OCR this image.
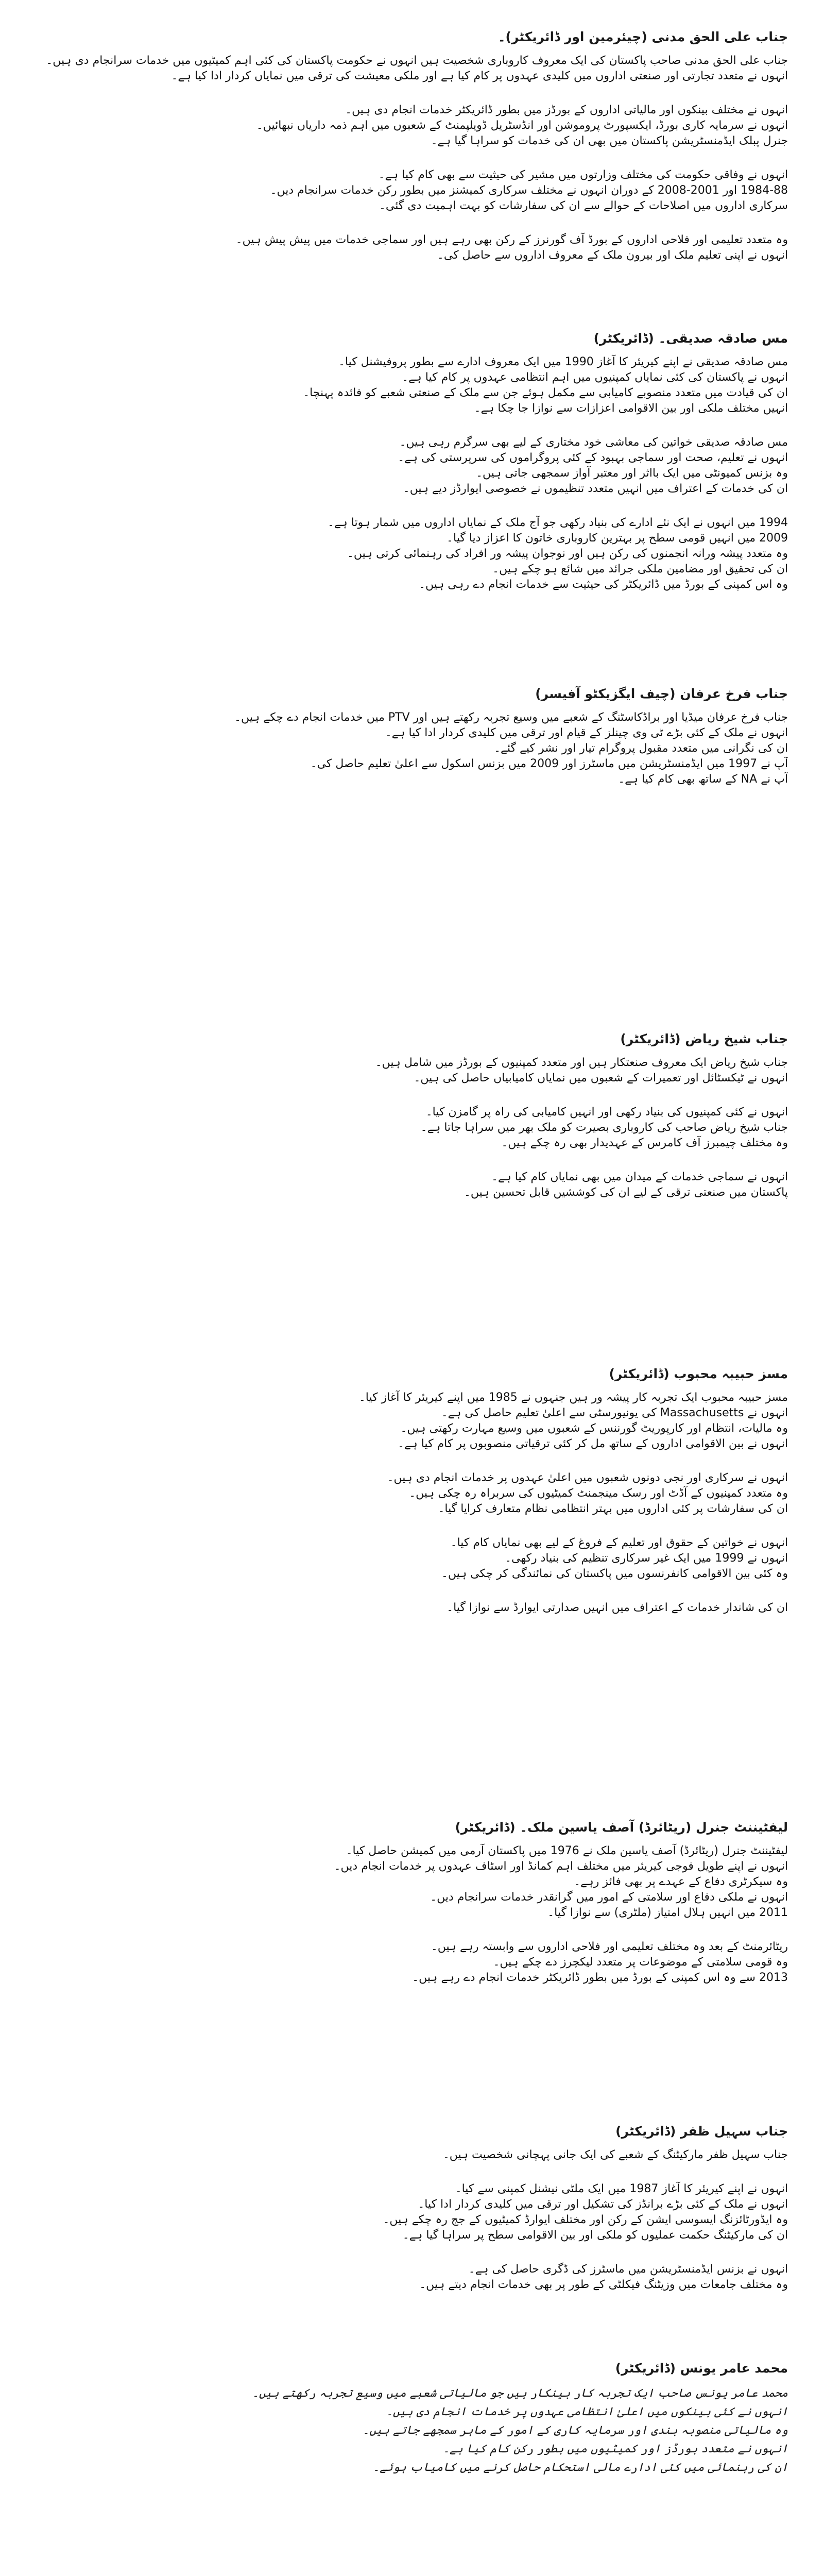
جناب علی الحق مدنی (چیئرمین اور ڈائریکٹر)۔
جناب علی الحق مدنی صاحب پاکستان کی ایک معروف کاروباری شخصیت ہیں انہوں نے حکومت پاکستان کی کئی اہم کمیٹیوں میں خدمات سرانجام دی ہیں۔
انہوں نے متعدد تجارتی اور صنعتی اداروں میں کلیدی عہدوں پر کام کیا ہے اور ملکی معیشت کی ترقی میں نمایاں کردار ادا کیا ہے۔
انہوں نے مختلف بینکوں اور مالیاتی اداروں کے بورڈز میں بطور ڈائریکٹر خدمات انجام دی ہیں۔
انہوں نے سرمایہ کاری بورڈ، ایکسپورٹ پروموشن اور انڈسٹریل ڈویلپمنٹ کے شعبوں میں اہم ذمہ داریاں نبھائیں۔
جنرل پبلک ایڈمنسٹریشن پاکستان میں بھی ان کی خدمات کو سراہا گیا ہے۔
انہوں نے وفاقی حکومت کی مختلف وزارتوں میں مشیر کی حیثیت سے بھی کام کیا ہے۔
1984-88 اور 2001-2008 کے دوران انہوں نے مختلف سرکاری کمیشنز میں بطور رکن خدمات سرانجام دیں۔
سرکاری اداروں میں اصلاحات کے حوالے سے ان کی سفارشات کو بہت اہمیت دی گئی۔
وہ متعدد تعلیمی اور فلاحی اداروں کے بورڈ آف گورنرز کے رکن بھی رہے ہیں اور سماجی خدمات میں پیش پیش ہیں۔
انہوں نے اپنی تعلیم ملک اور بیرون ملک کے معروف اداروں سے حاصل کی۔
مس صادقہ صدیقی۔ (ڈائریکٹر)
مس صادقہ صدیقی نے اپنے کیریئر کا آغاز 1990 میں ایک معروف ادارے سے بطور پروفیشنل کیا۔
انہوں نے پاکستان کی کئی نمایاں کمپنیوں میں اہم انتظامی عہدوں پر کام کیا ہے۔
ان کی قیادت میں متعدد منصوبے کامیابی سے مکمل ہوئے جن سے ملک کے صنعتی شعبے کو فائدہ پہنچا۔
انہیں مختلف ملکی اور بین الاقوامی اعزازات سے نوازا جا چکا ہے۔
مس صادقہ صدیقی خواتین کی معاشی خود مختاری کے لیے بھی سرگرم رہی ہیں۔
انہوں نے تعلیم، صحت اور سماجی بہبود کے کئی پروگراموں کی سرپرستی کی ہے۔
وہ بزنس کمیونٹی میں ایک بااثر اور معتبر آواز سمجھی جاتی ہیں۔
ان کی خدمات کے اعتراف میں انہیں متعدد تنظیموں نے خصوصی ایوارڈز دیے ہیں۔
1994 میں انہوں نے ایک نئے ادارے کی بنیاد رکھی جو آج ملک کے نمایاں اداروں میں شمار ہوتا ہے۔
2009 میں انہیں قومی سطح پر بہترین کاروباری خاتون کا اعزاز دیا گیا۔
وہ متعدد پیشہ ورانہ انجمنوں کی رکن ہیں اور نوجوان پیشہ ور افراد کی رہنمائی کرتی ہیں۔
ان کی تحقیق اور مضامین ملکی جرائد میں شائع ہو چکے ہیں۔
وہ اس کمپنی کے بورڈ میں ڈائریکٹر کی حیثیت سے خدمات انجام دے رہی ہیں۔
جناب فرخ عرفان (چیف ایگزیکٹو آفیسر)
جناب فرخ عرفان میڈیا اور براڈکاسٹنگ کے شعبے میں وسیع تجربہ رکھتے ہیں اور PTV میں خدمات انجام دے چکے ہیں۔
انہوں نے ملک کے کئی بڑے ٹی وی چینلز کے قیام اور ترقی میں کلیدی کردار ادا کیا ہے۔
ان کی نگرانی میں متعدد مقبول پروگرام تیار اور نشر کیے گئے۔
آپ نے 1997 میں ایڈمنسٹریشن میں ماسٹرز اور 2009 میں بزنس اسکول سے اعلیٰ تعلیم حاصل کی۔
آپ نے NA کے ساتھ بھی کام کیا ہے۔
جناب شیخ ریاض (ڈائریکٹر)
جناب شیخ ریاض ایک معروف صنعتکار ہیں اور متعدد کمپنیوں کے بورڈز میں شامل ہیں۔
انہوں نے ٹیکسٹائل اور تعمیرات کے شعبوں میں نمایاں کامیابیاں حاصل کی ہیں۔
انہوں نے کئی کمپنیوں کی بنیاد رکھی اور انہیں کامیابی کی راہ پر گامزن کیا۔
جناب شیخ ریاض صاحب کی کاروباری بصیرت کو ملک بھر میں سراہا جاتا ہے۔
وہ مختلف چیمبرز آف کامرس کے عہدیدار بھی رہ چکے ہیں۔
انہوں نے سماجی خدمات کے میدان میں بھی نمایاں کام کیا ہے۔
پاکستان میں صنعتی ترقی کے لیے ان کی کوششیں قابل تحسین ہیں۔
مسز حبیبہ محبوب (ڈائریکٹر)
مسز حبیبہ محبوب ایک تجربہ کار پیشہ ور ہیں جنہوں نے 1985 میں اپنے کیریئر کا آغاز کیا۔
انہوں نے Massachusetts کی یونیورسٹی سے اعلیٰ تعلیم حاصل کی ہے۔
وہ مالیات، انتظام اور کارپوریٹ گورننس کے شعبوں میں وسیع مہارت رکھتی ہیں۔
انہوں نے بین الاقوامی اداروں کے ساتھ مل کر کئی ترقیاتی منصوبوں پر کام کیا ہے۔
انہوں نے سرکاری اور نجی دونوں شعبوں میں اعلیٰ عہدوں پر خدمات انجام دی ہیں۔
وہ متعدد کمپنیوں کے آڈٹ اور رسک مینجمنٹ کمیٹیوں کی سربراہ رہ چکی ہیں۔
ان کی سفارشات پر کئی اداروں میں بہتر انتظامی نظام متعارف کرایا گیا۔
انہوں نے خواتین کے حقوق اور تعلیم کے فروغ کے لیے بھی نمایاں کام کیا۔
انہوں نے 1999 میں ایک غیر سرکاری تنظیم کی بنیاد رکھی۔
وہ کئی بین الاقوامی کانفرنسوں میں پاکستان کی نمائندگی کر چکی ہیں۔
ان کی شاندار خدمات کے اعتراف میں انہیں صدارتی ایوارڈ سے نوازا گیا۔
لیفٹیننٹ جنرل (ریٹائرڈ) آصف یاسین ملک۔ (ڈائریکٹر)
لیفٹیننٹ جنرل (ریٹائرڈ) آصف یاسین ملک نے 1976 میں پاکستان آرمی میں کمیشن حاصل کیا۔
انہوں نے اپنے طویل فوجی کیریئر میں مختلف اہم کمانڈ اور اسٹاف عہدوں پر خدمات انجام دیں۔
وہ سیکرٹری دفاع کے عہدے پر بھی فائز رہے۔
انہوں نے ملکی دفاع اور سلامتی کے امور میں گرانقدر خدمات سرانجام دیں۔
2011 میں انہیں ہلال امتیاز (ملٹری) سے نوازا گیا۔
ریٹائرمنٹ کے بعد وہ مختلف تعلیمی اور فلاحی اداروں سے وابستہ رہے ہیں۔
وہ قومی سلامتی کے موضوعات پر متعدد لیکچرز دے چکے ہیں۔
2013 سے وہ اس کمپنی کے بورڈ میں بطور ڈائریکٹر خدمات انجام دے رہے ہیں۔
جناب سہیل ظفر (ڈائریکٹر)
جناب سہیل ظفر مارکیٹنگ کے شعبے کی ایک جانی پہچانی شخصیت ہیں۔
انہوں نے اپنے کیریئر کا آغاز 1987 میں ایک ملٹی نیشنل کمپنی سے کیا۔
انہوں نے ملک کے کئی بڑے برانڈز کی تشکیل اور ترقی میں کلیدی کردار ادا کیا۔
وہ ایڈورٹائزنگ ایسوسی ایشن کے رکن اور مختلف ایوارڈ کمیٹیوں کے جج رہ چکے ہیں۔
ان کی مارکیٹنگ حکمت عملیوں کو ملکی اور بین الاقوامی سطح پر سراہا گیا ہے۔
انہوں نے بزنس ایڈمنسٹریشن میں ماسٹرز کی ڈگری حاصل کی ہے۔
وہ مختلف جامعات میں وزیٹنگ فیکلٹی کے طور پر بھی خدمات انجام دیتے ہیں۔
محمد عامر یونس (ڈائریکٹر)
محمد عامر یونس صاحب ایک تجربہ کار بینکار ہیں جو مالیاتی شعبے میں وسیع تجربہ رکھتے ہیں۔
انہوں نے کئی بینکوں میں اعلیٰ انتظامی عہدوں پر خدمات انجام دی ہیں۔
وہ مالیاتی منصوبہ بندی اور سرمایہ کاری کے امور کے ماہر سمجھے جاتے ہیں۔
انہوں نے متعدد بورڈز اور کمیٹیوں میں بطور رکن کام کیا ہے۔
ان کی رہنمائی میں کئی ادارے مالی استحکام حاصل کرنے میں کامیاب ہوئے۔
